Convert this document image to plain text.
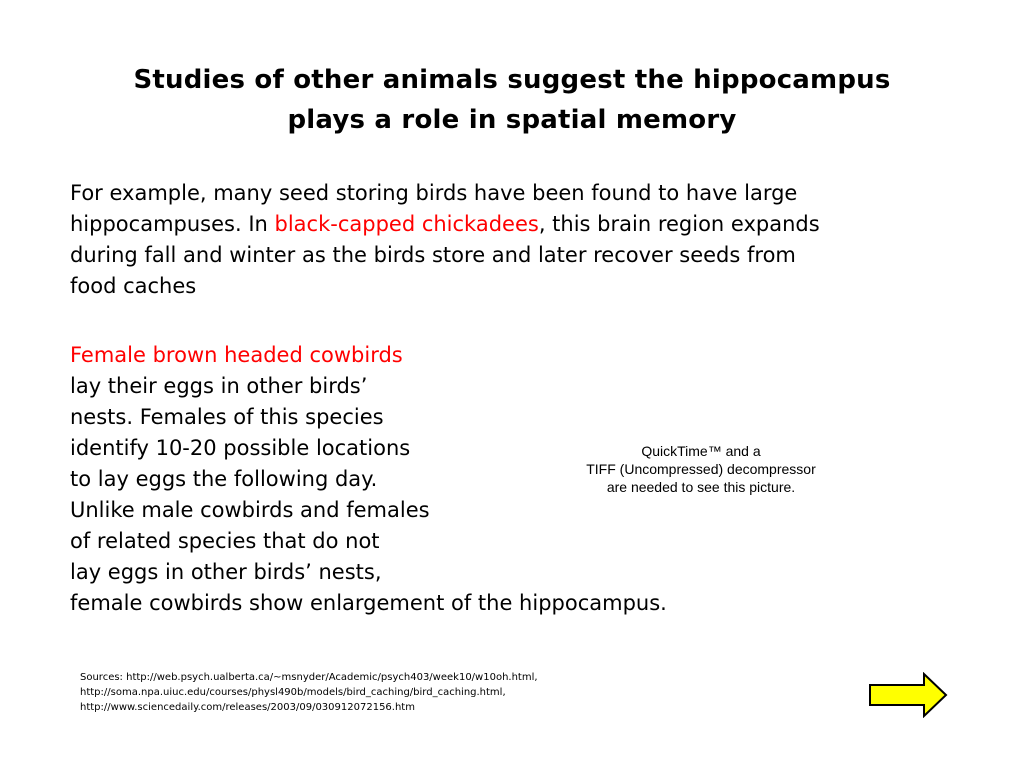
Studies of other animals suggest the hippocampus
plays a role in spatial memory
For example, many seed storing birds have been found to have large
hippocampuses. In black-capped chickadees, this brain region expands
during fall and winter as the birds store and later recover seeds from
food caches
Female brown headed cowbirds
lay their eggs in other birds’
nests. Females of this species
identify 10-20 possible locations
to lay eggs the following day.
Unlike male cowbirds and females
of related species that do not
lay eggs in other birds’ nests,
female cowbirds show enlargement of the hippocampus.
QuickTime™ and a
TIFF (Uncompressed) decompressor
are needed to see this picture.
Sources: http://web.psych.ualberta.ca/~msnyder/Academic/psych403/week10/w10oh.html,
http://soma.npa.uiuc.edu/courses/physl490b/models/bird_caching/bird_caching.html,
http://www.sciencedaily.com/releases/2003/09/030912072156.htm
